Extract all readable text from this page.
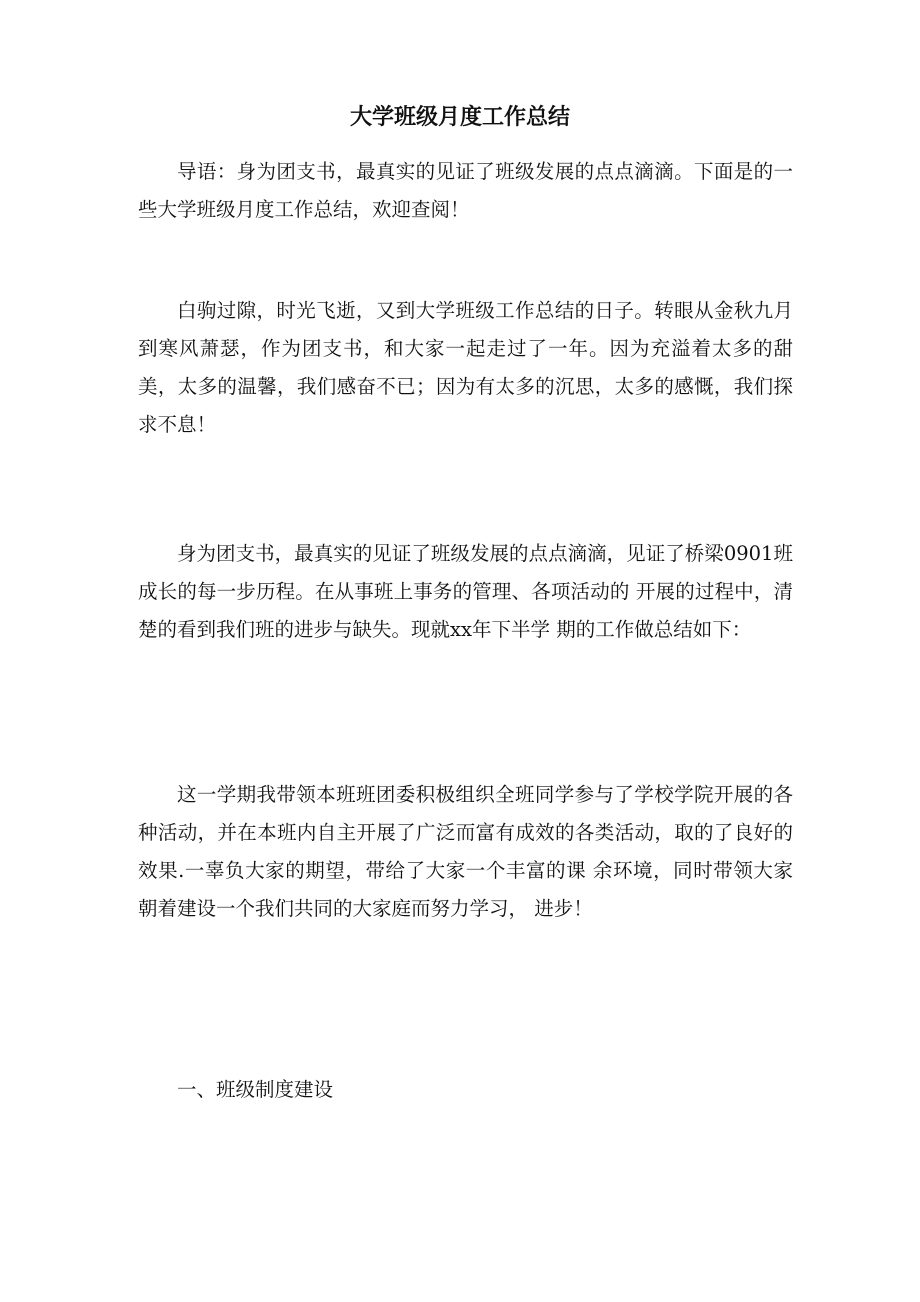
大学班级月度工作总结

导语：身为团支书，最真实的见证了班级发展的点点滴滴。下面是的一些大学班级月度工作总结，欢迎查阅！

白驹过隙，时光飞逝，又到大学班级工作总结的日子。转眼从金秋九月到寒风萧瑟，作为团支书，和大家一起走过了一年。因为充溢着太多的甜美，太多的温馨，我们感奋不已；因为有太多的沉思，太多的感慨，我们探求不息！

身为团支书，最真实的见证了班级发展的点点滴滴，见证了桥梁0901班成长的每一步历程。在从事班上事务的管理、各项活动的 开展的过程中，清楚的看到我们班的进步与缺失。现就xx年下半学 期的工作做总结如下：

这一学期我带领本班班团委积极组织全班同学参与了学校学院开展的各种活动，并在本班内自主开展了广泛而富有成效的各类活动，取的了良好的效果.一辜负大家的期望，带给了大家一个丰富的课 余环境，同时带领大家朝着建设一个我们共同的大家庭而努力学习， 进步！

一、班级制度建设
